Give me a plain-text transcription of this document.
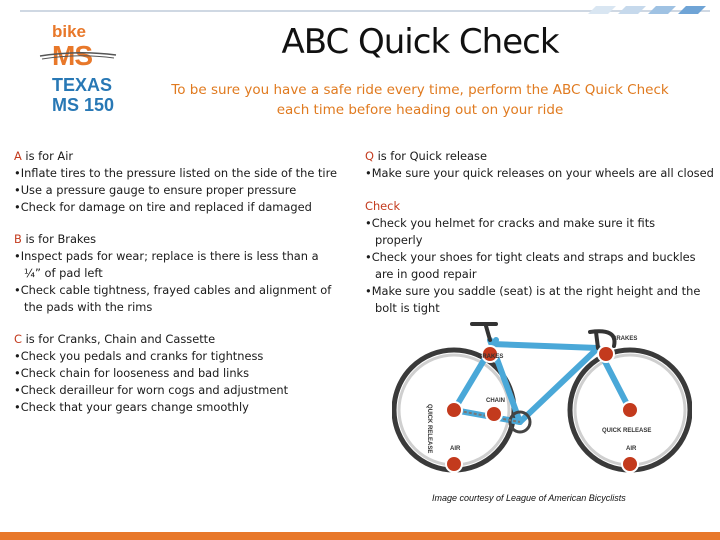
bike
MS
TEXAS
MS 150
ABC Quick Check
To be sure you have a safe ride every time, perform the ABC Quick Check each time before heading out on your ride
A is for Air
•Inflate tires to the pressure listed on the side of the tire
•Use a pressure gauge to ensure proper pressure
•Check for damage on tire and replaced if damaged
B is for Brakes
•Inspect pads for wear; replace is there is less than a ¼” of pad left
•Check cable tightness, frayed cables and alignment of the pads with the rims
C is for Cranks, Chain and Cassette
•Check you pedals and cranks for tightness
•Check chain for looseness and bad links
•Check derailleur for worn cogs and adjustment
•Check that your gears change smoothly
Q is for Quick release
•Make sure your quick releases on your wheels are all closed
Check
•Check you helmet for cracks and make sure it fits properly
•Check your shoes for tight cleats and straps and buckles are in good repair
•Make sure you saddle (seat) is at the right height and the bolt is tight
BRAKES
BRAKES
CHAIN
QUICK RELEASE	QUICK RELEASE
AIR	AIR
Image courtesy of League of American Bicyclists
